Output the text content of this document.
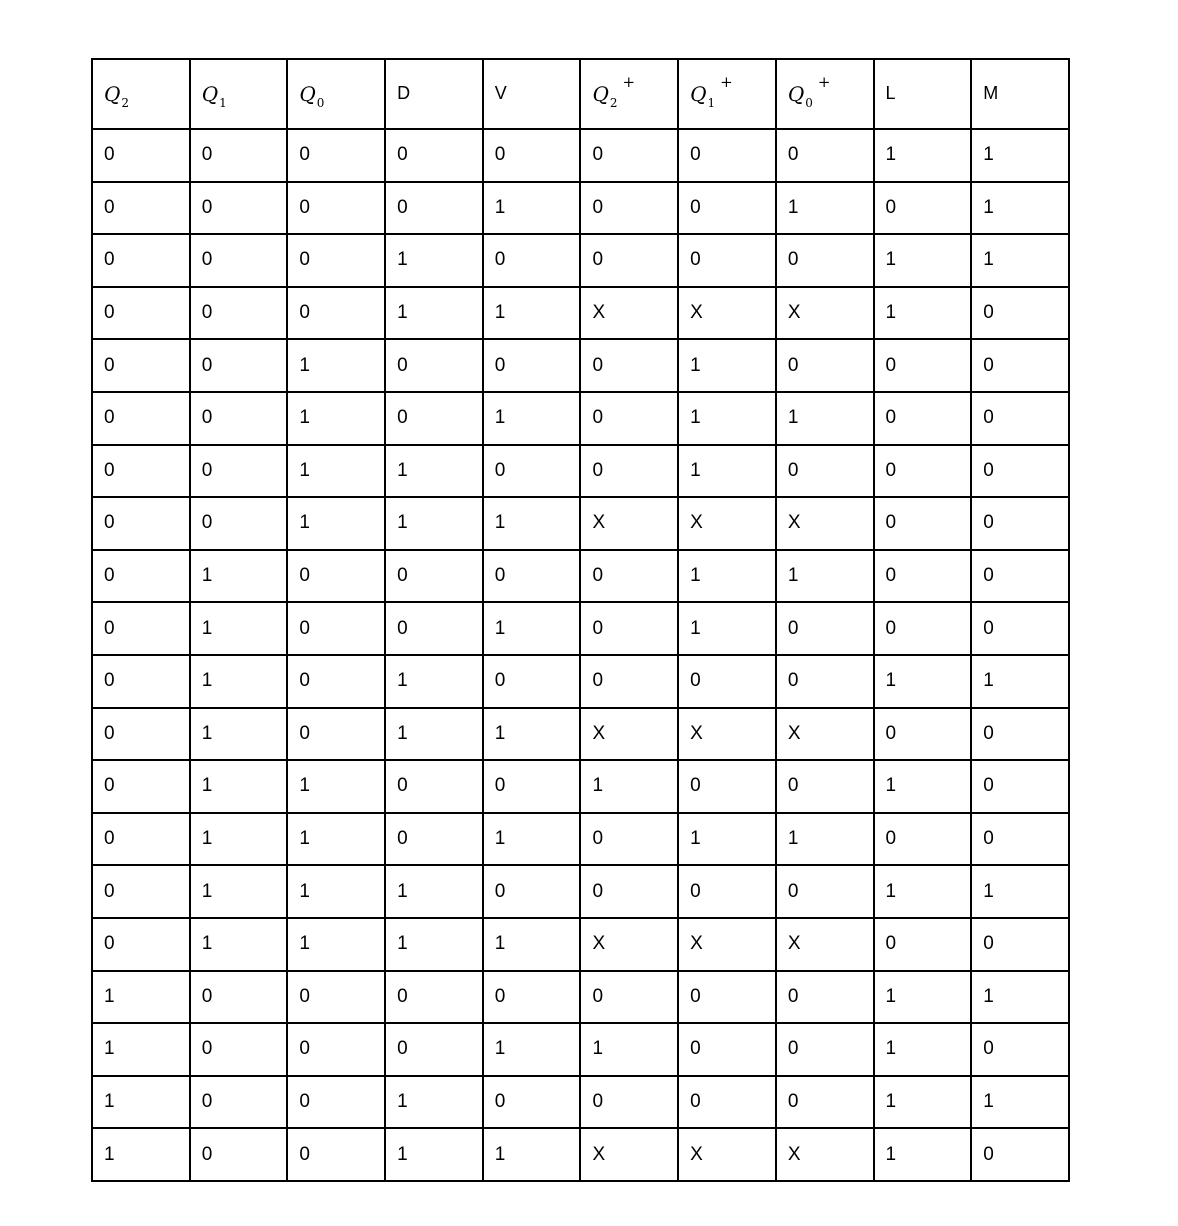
$Q_2$	$Q_1$	$Q_0$	D	V	$Q_2^+$	$Q_1^+$	$Q_0^+$	L	M
0	0	0	0	0	0	0	0	1	1
0	0	0	0	1	0	0	1	0	1
0	0	0	1	0	0	0	0	1	1
0	0	0	1	1	X	X	X	1	0
0	0	1	0	0	0	1	0	0	0
0	0	1	0	1	0	1	1	0	0
0	0	1	1	0	0	1	0	0	0
0	0	1	1	1	X	X	X	0	0
0	1	0	0	0	0	1	1	0	0
0	1	0	0	1	0	1	0	0	0
0	1	0	1	0	0	0	0	1	1
0	1	0	1	1	X	X	X	0	0
0	1	1	0	0	1	0	0	1	0
0	1	1	0	1	0	1	1	0	0
0	1	1	1	0	0	0	0	1	1
0	1	1	1	1	X	X	X	0	0
1	0	0	0	0	0	0	0	1	1
1	0	0	0	1	1	0	0	1	0
1	0	0	1	0	0	0	0	1	1
1	0	0	1	1	X	X	X	1	0
